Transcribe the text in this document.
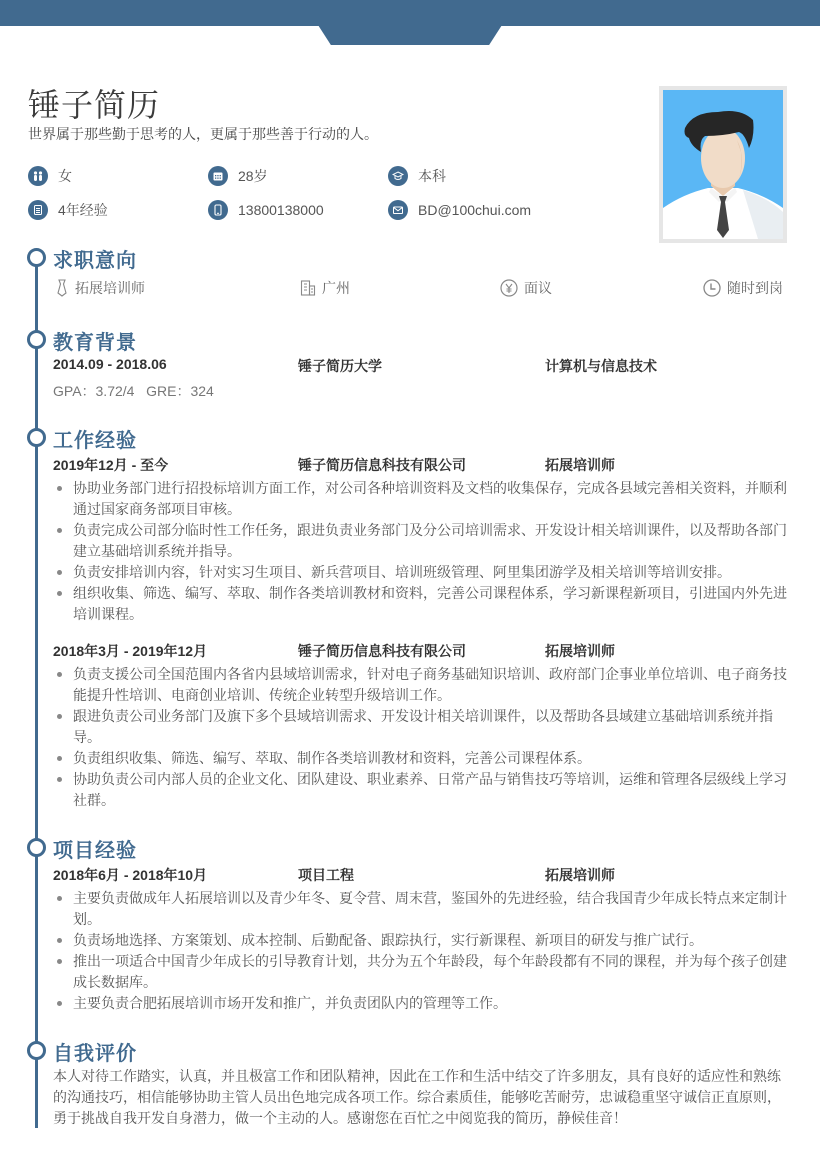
锤子简历
世界属于那些勤于思考的人，更属于那些善于行动的人。
女	28岁	本科
4年经验	13800138000	BD@100chui.com
求职意向
拓展培训师	广州	面议	随时到岗
教育背景
2014.09 - 2018.06	锤子简历大学	计算机与信息技术
GPA：3.72/4   GRE：324
工作经验
2019年12月 - 至今	锤子简历信息科技有限公司	拓展培训师
协助业务部门进行招投标培训方面工作，对公司各种培训资料及文档的收集保存，完成各县域完善相关资料，并顺利通过国家商务部项目审核。
负责完成公司部分临时性工作任务，跟进负责业务部门及分公司培训需求、开发设计相关培训课件，以及帮助各部门建立基础培训系统并指导。
负责安排培训内容，针对实习生项目、新兵营项目、培训班级管理、阿里集团游学及相关培训等培训安排。
组织收集、筛选、编写、萃取、制作各类培训教材和资料，完善公司课程体系，学习新课程新项目，引进国内外先进培训课程。
2018年3月 - 2019年12月	锤子简历信息科技有限公司	拓展培训师
负责支援公司全国范围内各省内县域培训需求，针对电子商务基础知识培训、政府部门企事业单位培训、电子商务技能提升性培训、电商创业培训、传统企业转型升级培训工作。
跟进负责公司业务部门及旗下多个县域培训需求、开发设计相关培训课件，以及帮助各县域建立基础培训系统并指导。
负责组织收集、筛选、编写、萃取、制作各类培训教材和资料，完善公司课程体系。
协助负责公司内部人员的企业文化、团队建设、职业素养、日常产品与销售技巧等培训，运维和管理各层级线上学习社群。
项目经验
2018年6月 - 2018年10月	项目工程	拓展培训师
主要负责做成年人拓展培训以及青少年冬、夏令营、周末营，鉴国外的先进经验，结合我国青少年成长特点来定制计划。
负责场地选择、方案策划、成本控制、后勤配备、跟踪执行，实行新课程、新项目的研发与推广试行。
推出一项适合中国青少年成长的引导教育计划，共分为五个年龄段，每个年龄段都有不同的课程，并为每个孩子创建成长数据库。
主要负责合肥拓展培训市场开发和推广，并负责团队内的管理等工作。
自我评价
本人对待工作踏实，认真，并且极富工作和团队精神，因此在工作和生活中结交了许多朋友，具有良好的适应性和熟练的沟通技巧，相信能够协助主管人员出色地完成各项工作。综合素质佳，能够吃苦耐劳，忠诚稳重坚守诚信正直原则，勇于挑战自我开发自身潜力，做一个主动的人。感谢您在百忙之中阅览我的简历，静候佳音！
